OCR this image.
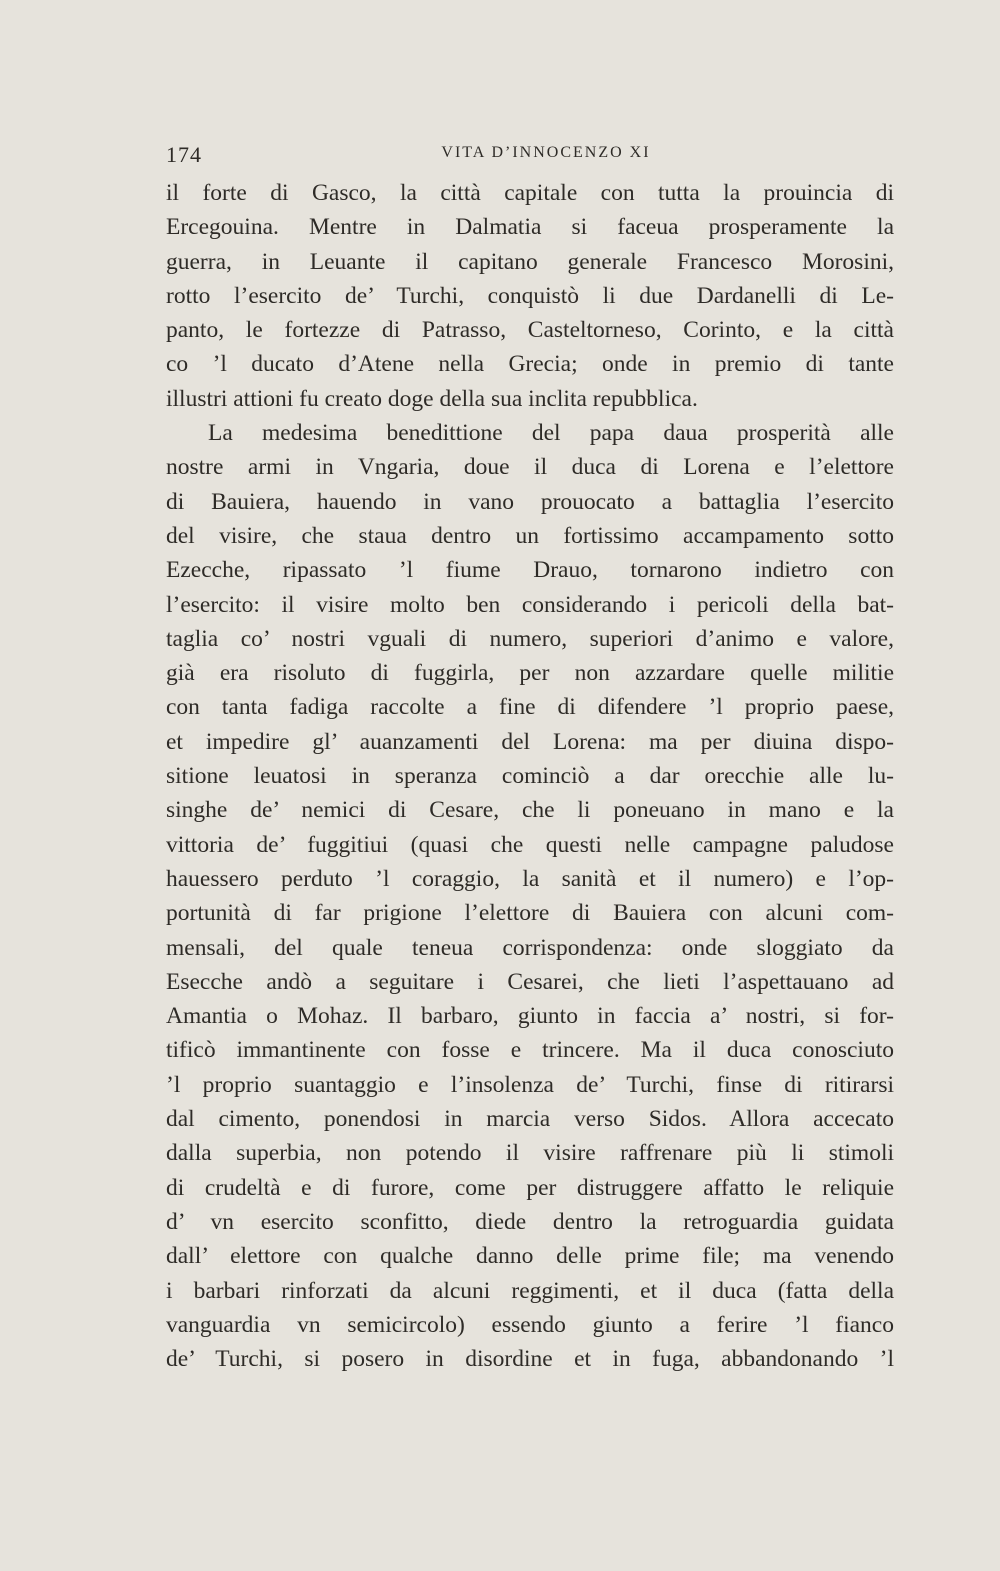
174	VITA D’INNOCENZO XI
il forte di Gasco, la città capitale con tutta la prouincia di
Ercegouina. Mentre in Dalmatia si faceua prosperamente la
guerra, in Leuante il capitano generale Francesco Morosini,
rotto l’esercito de’ Turchi, conquistò li due Dardanelli di Le-
panto, le fortezze di Patrasso, Casteltorneso, Corinto, e la città
co ’l ducato d’Atene nella Grecia; onde in premio di tante
illustri attioni fu creato doge della sua inclita repubblica.
La medesima benedittione del papa daua prosperità alle
nostre armi in Vngaria, doue il duca di Lorena e l’elettore
di Bauiera, hauendo in vano prouocato a battaglia l’esercito
del visire, che staua dentro un fortissimo accampamento sotto
Ezecche, ripassato ’l fiume Drauo, tornarono indietro con
l’esercito: il visire molto ben considerando i pericoli della bat-
taglia co’ nostri vguali di numero, superiori d’animo e valore,
già era risoluto di fuggirla, per non azzardare quelle militie
con tanta fadiga raccolte a fine di difendere ’l proprio paese,
et impedire gl’ auanzamenti del Lorena: ma per diuina dispo-
sitione leuatosi in speranza cominciò a dar orecchie alle lu-
singhe de’ nemici di Cesare, che li poneuano in mano e la
vittoria de’ fuggitiui (quasi che questi nelle campagne paludose
hauessero perduto ’l coraggio, la sanità et il numero) e l’op-
portunità di far prigione l’elettore di Bauiera con alcuni com-
mensali, del quale teneua corrispondenza: onde sloggiato da
Esecche andò a seguitare i Cesarei, che lieti l’aspettauano ad
Amantia o Mohaz. Il barbaro, giunto in faccia a’ nostri, si for-
tificò immantinente con fosse e trincere. Ma il duca conosciuto
’l proprio suantaggio e l’insolenza de’ Turchi, finse di ritirarsi
dal cimento, ponendosi in marcia verso Sidos. Allora accecato
dalla superbia, non potendo il visire raffrenare più li stimoli
di crudeltà e di furore, come per distruggere affatto le reliquie
d’ vn esercito sconfitto, diede dentro la retroguardia guidata
dall’ elettore con qualche danno delle prime file; ma venendo
i barbari rinforzati da alcuni reggimenti, et il duca (fatta della
vanguardia vn semicircolo) essendo giunto a ferire ’l fianco
de’ Turchi, si posero in disordine et in fuga, abbandonando ’l
